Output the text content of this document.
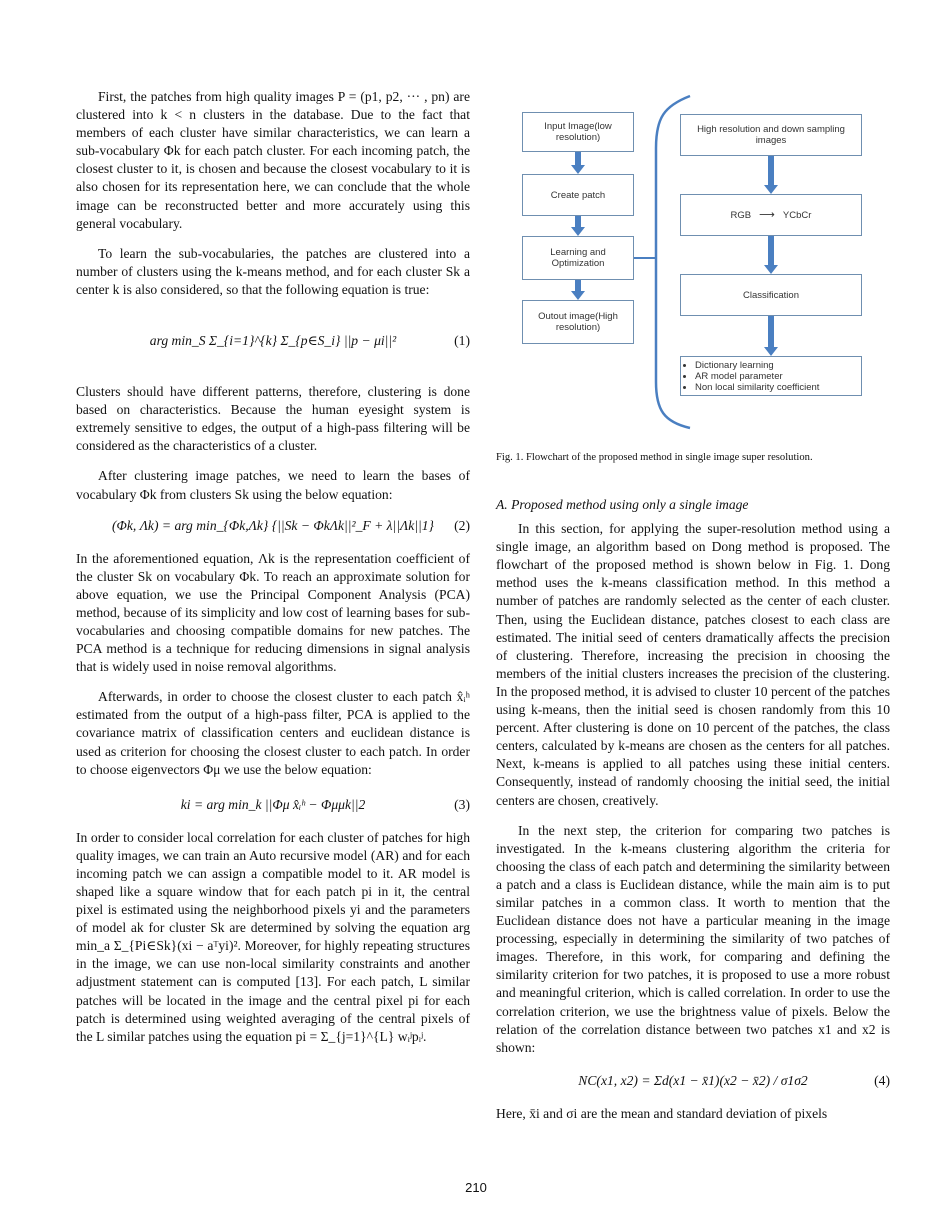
First, the patches from high quality images P = (p1, p2, ··· , pn) are clustered into k < n clusters in the database. Due to the fact that members of each cluster have similar characteristics, we can learn a sub-vocabulary Φk for each patch cluster. For each incoming patch, the closest cluster to it, is chosen and because the closest vocabulary to it is also chosen for its representation here, we can conclude that the whole image can be reconstructed better and more accurately using this general vocabulary.

To learn the sub-vocabularies, the patches are clustered into a number of clusters using the k-means method, and for each cluster Sk a center k is also considered, so that the following equation is true:

arg min_S Σ_{i=1}^{k} Σ_{p∈S_i} ||p − μi||²	(1)

Clusters should have different patterns, therefore, clustering is done based on characteristics. Because the human eyesight system is extremely sensitive to edges, the output of a high-pass filtering will be considered as the characteristics of a cluster.

After clustering image patches, we need to learn the bases of vocabulary Φk from clusters Sk using the below equation:

(Φk, Λk) = arg min_{Φk,Λk} {||Sk − ΦkΛk||²_F + λ||Λk||1} (2)

In the aforementioned equation, Λk is the representation coefficient of the cluster Sk on vocabulary Φk. To reach an approximate solution for above equation, we use the Principal Component Analysis (PCA) method, because of its simplicity and low cost of learning bases for sub-vocabularies and choosing compatible domains for new patches. The PCA method is a technique for reducing dimensions in signal analysis that is widely used in noise removal algorithms.

Afterwards, in order to choose the closest cluster to each patch x̂ᵢʰ estimated from the output of a high-pass filter, PCA is applied to the covariance matrix of classification centers and euclidean distance is used as criterion for choosing the closest cluster to each patch. In order to choose eigenvectors Φμ we use the below equation:

ki = arg min_k ||Φμ x̂ᵢʰ − Φμμk||2	(3)

In order to consider local correlation for each cluster of patches for high quality images, we can train an Auto recursive model (AR) and for each incoming patch we can assign a compatible model to it. AR model is shaped like a square window that for each patch pi in it, the central pixel is estimated using the neighborhood pixels yi and the parameters of model ak for cluster Sk are determined by solving the equation arg min_a Σ_{Pi∈Sk}(xi − aᵀyi)². Moreover, for highly repeating structures in the image, we can use non-local similarity constraints and another adjustment statement can is computed [13]. For each patch, L similar patches will be located in the image and the central pixel pi for each patch is determined using weighted averaging of the central pixels of the L similar patches using the equation pi = Σ_{j=1}^{L} wᵢʲpᵢʲ.

Input Image(low resolution)
Create patch
Learning and Optimization
Outout image(High resolution)
High resolution and down sampling images
RGB ⟶ YCbCr
Classification
• Dictionary learning
• AR model parameter
• Non local similarity coefficient
Fig. 1. Flowchart of the proposed method in single image super resolution.
A. Proposed method using only a single image

In this section, for applying the super-resolution method using a single image, an algorithm based on Dong method is proposed. The flowchart of the proposed method is shown below in Fig. 1. Dong method uses the k-means classification method. In this method a number of patches are randomly selected as the center of each cluster. Then, using the Euclidean distance, patches closest to each class are estimated. The initial seed of centers dramatically affects the precision of clustering. Therefore, increasing the precision in choosing the members of the initial clusters increases the precision of the clustering. In the proposed method, it is advised to cluster 10 percent of the patches using k-means, then the initial seed is chosen randomly from this 10 percent. After clustering is done on 10 percent of the patches, the class centers, calculated by k-means are chosen as the centers for all patches. Next, k-means is applied to all patches using these initial centers. Consequently, instead of randomly choosing the initial seed, the initial centers are chosen, creatively.

In the next step, the criterion for comparing two patches is investigated. In the k-means clustering algorithm the criteria for choosing the class of each patch and determining the similarity between a patch and a class is Euclidean distance, while the main aim is to put similar patches in a common class. It worth to mention that the Euclidean distance does not have a particular meaning in the image processing, especially in determining the similarity of two patches of images. Therefore, in this work, for comparing and defining the similarity criterion for two patches, it is proposed to use a more robust and meaningful criterion, which is called correlation. In order to use the correlation criterion, we use the brightness value of pixels. Below the relation of the correlation distance between two patches x1 and x2 is shown:

NC(x1, x2) = Σd(x1 − x̄1)(x2 − x̄2) / σ1σ2	(4)

Here, x̄i and σi are the mean and standard deviation of pixels

210
